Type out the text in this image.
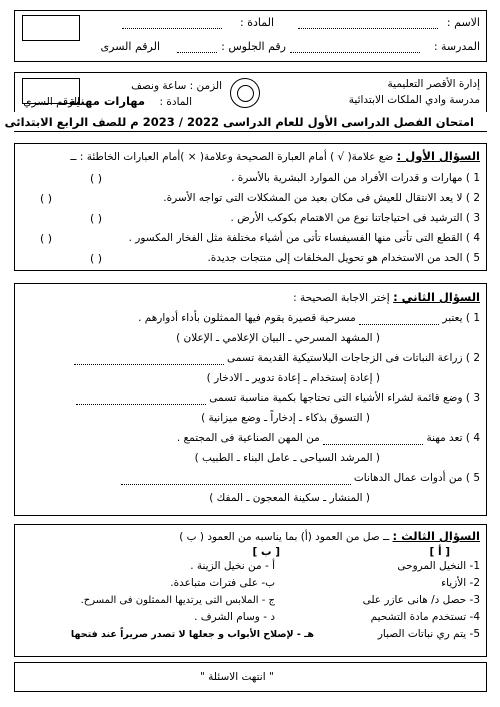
الاسم :
المادة :
المدرسة :
رقم الجلوس :
الرقم السرى
إدارة الأقصر التعليمية
مدرسة وادي الملكات الابتدائية
الزمن : ساعة ونصف
المادة :
مهارات مهنية
الرقم السري
امتحان الفصل الدراسى الأول للعام الدراسى 2022 / 2023 م للصف الرابع الابتدائى
السؤال الأول : ضع علامة( √ ) أمام العبارة الصحيحة وعلامة( × )أمام العبارات الخاطئة : ــ
1 ) مهارات و قدرات الأفراد من الموارد البشرية بالأسرة .
( )
2 ) لا يعد الانتقال للعيش فى مكان بعيد من المشكلات التى تواجه الأسرة.
( )
3 ) الترشيد فى احتياجاتنا نوع من الاهتمام بكوكب الأرض .
( )
4 ) القطع التى تأتى منها الفسيفساء تأتى من أشياء مختلفة مثل الفخار المكسور .
( )
5 ) الحد من الاستخدام هو تحويل المخلفات إلى منتجات جديدة.
( )
السؤال الثاني : إختر الاجابة الصحيحة :
1 ) يعتبر  مسرحية قصيرة يقوم فيها الممثلون بأداء أدوارهم .
( المشهد المسرحي ـ البيان الإعلامي ـ الإعلان )
2 ) زراعة النباتات فى الزجاجات البلاستيكية القديمة تسمى
( إعادة إستخدام ـ إعادة تدوير ـ الادخار )
3 ) وضع قائمة لشراء الأشياء التى تحتاجها بكمية مناسبة تسمى
( التسوق بذكاء ـ إدخاراً ـ وضع ميزانية )
4 ) تعد مهنة  من المهن الصناعية فى المجتمع .
( المرشد السياحى ـ عامل البناء ـ الطبيب )
5 ) من أدوات عمال الدهانات
( المنشار ـ سكينة المعجون ـ المفك )
السؤال الثالث : ــ صل من العمود (أ) بما يناسبه من العمود ( ب )
[ أ ]
[ ب ]
1- النخيل المروحى
2- الأزياء
3- حصل د/ هانى عازر على
4- تستخدم مادة التشحيم
5- يتم ري نباتات الصبار
أ - من نخيل الزينة .
ب- على فترات متباعدة.
ج - الملابس التى يرتديها الممثلون فى المسرح.
د - وسام الشرف .
هـ - لإصلاح الأبواب و جعلها لا تصدر صريراً عند فتحها
" انتهت الاسئلة "
